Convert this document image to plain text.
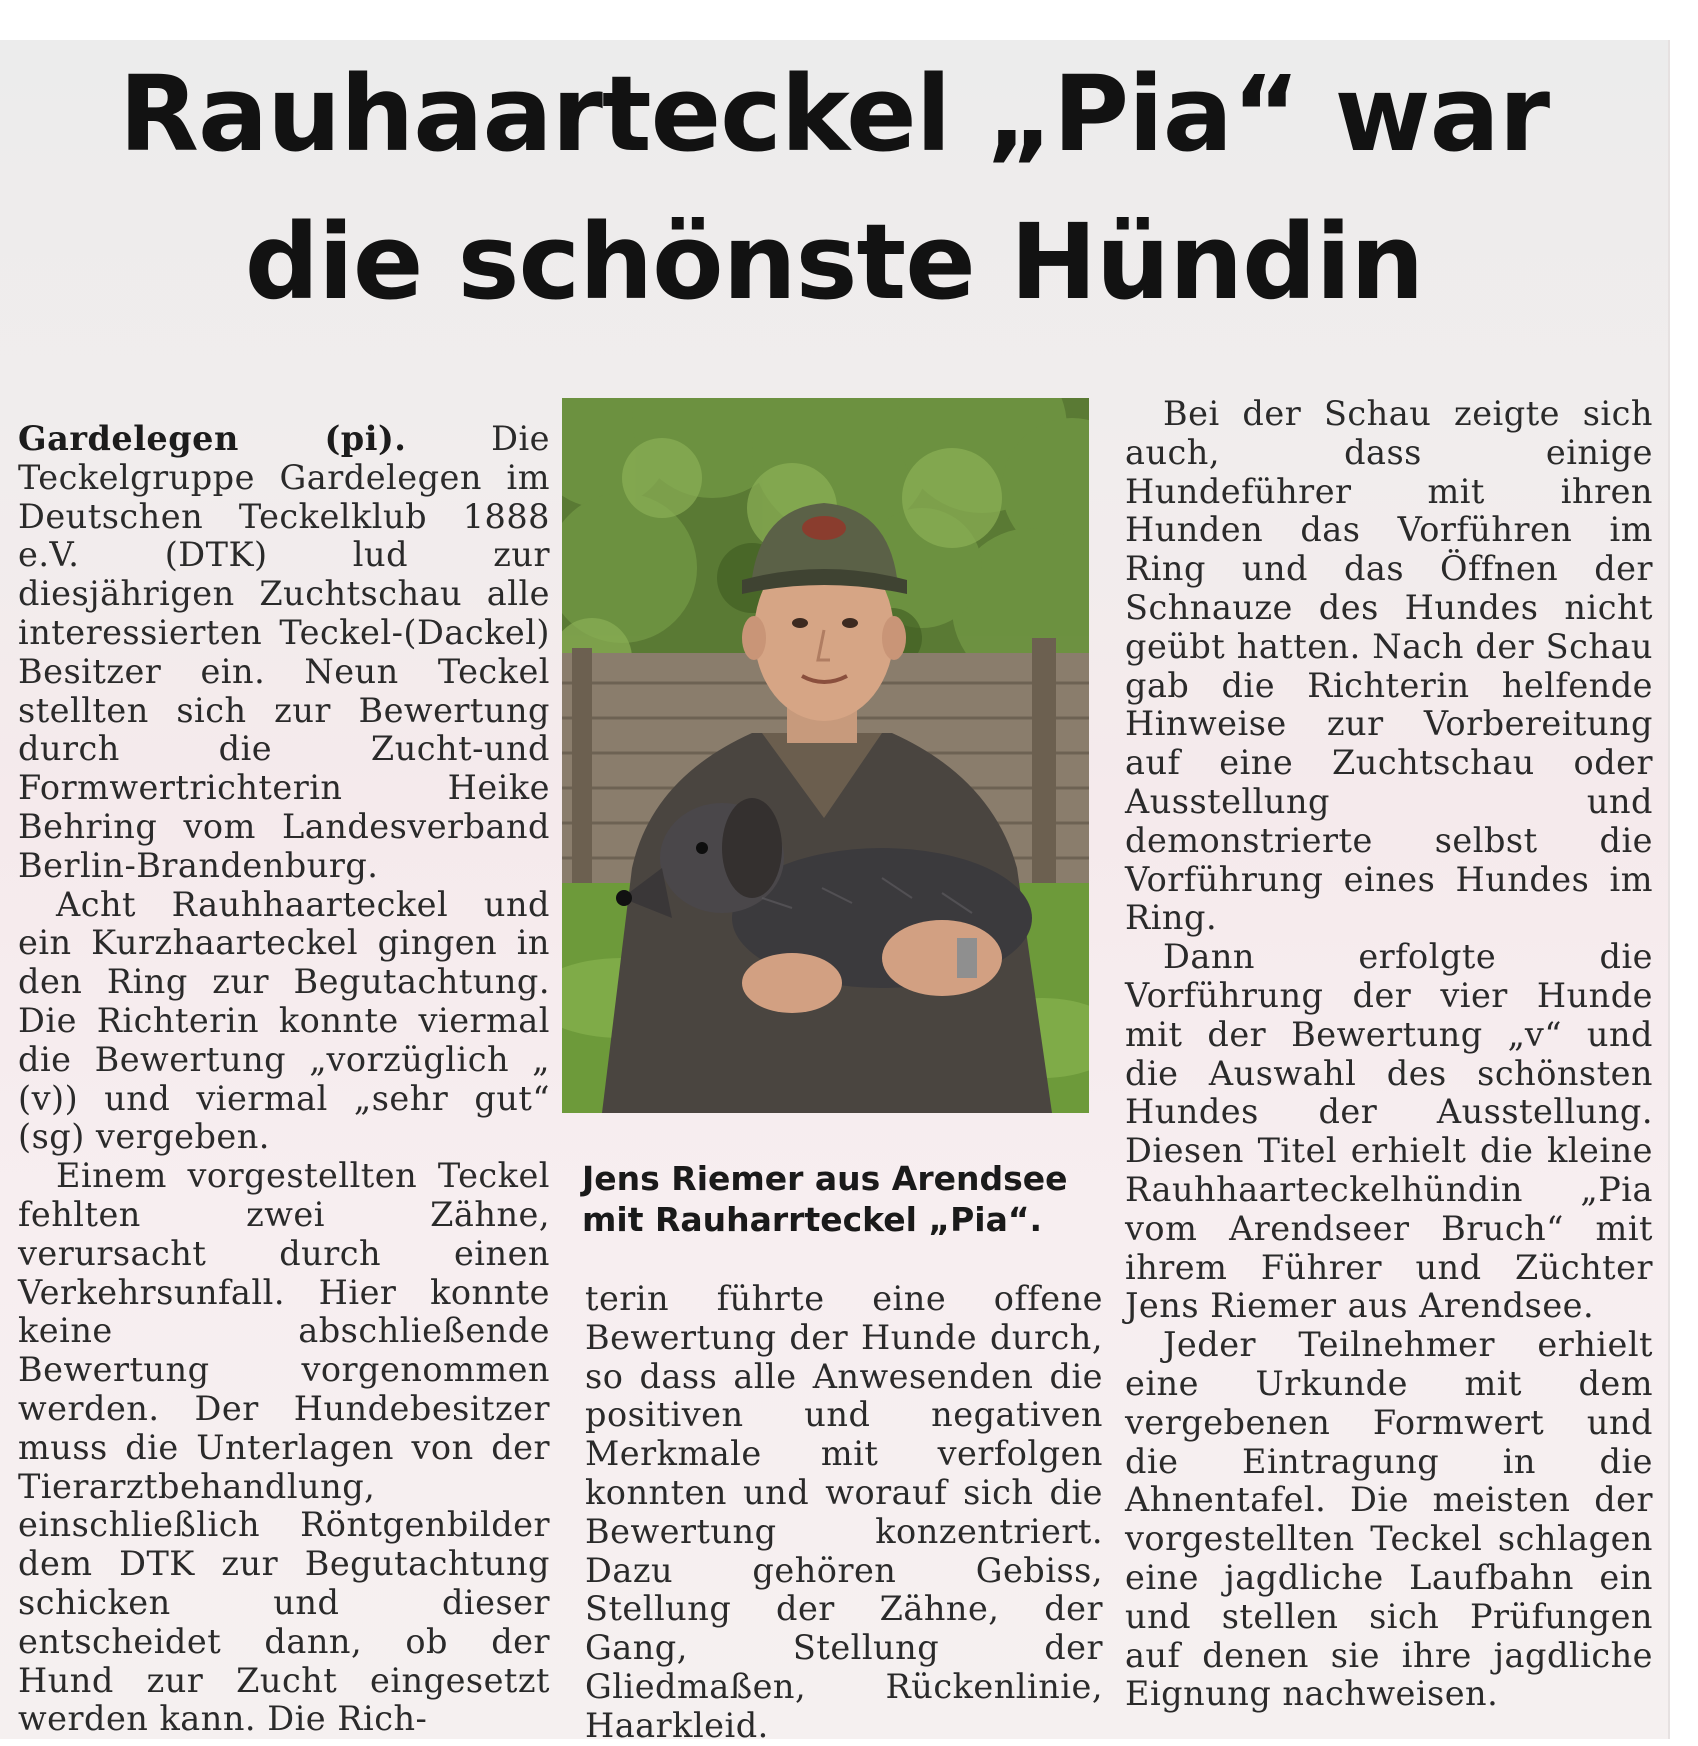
Rauhaarteckel „Pia“ war
die schönste Hündin

Gardelegen (pi).	Die Teckelgruppe Gardelegen im Deutschen Teckelklub 1888 e.V. (DTK) lud zur diesjährigen Zuchtschau alle interessierten Teckel-(Dackel) Besitzer ein. Neun Teckel stellten sich zur Bewertung durch die Zucht-und Formwertrichterin Heike Behring vom Landesverband Berlin-Brandenburg.

Acht Rauhhaarteckel und ein Kurzhaarteckel gingen in den Ring zur Begutachtung. Die Richterin konnte viermal die Bewertung „vorzüglich „ (v)) und viermal „sehr gut“ (sg) vergeben.

Einem vorgestellten Teckel fehlten zwei Zähne, verursacht durch einen Verkehrsunfall. Hier konnte keine abschließende Bewertung vorgenommen werden. Der Hundebesitzer muss die Unterlagen von der Tierarztbehandlung, einschließlich Röntgenbilder dem DTK zur Begutachtung schicken und dieser entscheidet dann, ob der Hund zur Zucht eingesetzt werden kann. Die Rich-

Jens Riemer aus Arendsee
mit Rauharrteckel „Pia“.

terin führte eine offene Bewertung der Hunde durch, so dass alle Anwesenden die positiven und negativen Merkmale mit verfolgen konnten und worauf sich die Bewertung konzentriert. Dazu gehören Gebiss, Stellung der Zähne, der Gang, Stellung der Gliedmaßen, Rückenlinie, Haarkleid.

Bei der Schau zeigte sich auch, dass einige Hundeführer mit ihren Hunden das Vorführen im Ring und das Öffnen der Schnauze des Hundes nicht geübt hatten. Nach der Schau gab die Richterin helfende Hinweise zur Vorbereitung auf eine Zuchtschau oder Ausstellung und demonstrierte selbst die Vorführung eines Hundes im Ring.

Dann erfolgte die Vorführung der vier Hunde mit der Bewertung „v“ und die Auswahl des schönsten Hundes der Ausstellung. Diesen Titel erhielt die kleine Rauhhaarteckelhündin „Pia vom Arendseer Bruch“ mit ihrem Führer und Züchter Jens Riemer aus Arendsee.

Jeder Teilnehmer erhielt eine Urkunde mit dem vergebenen Formwert und die Eintragung in die Ahnentafel. Die meisten der vorgestellten Teckel schlagen eine jagdliche Laufbahn ein und stellen sich Prüfungen auf denen sie ihre jagdliche Eignung nachweisen.
